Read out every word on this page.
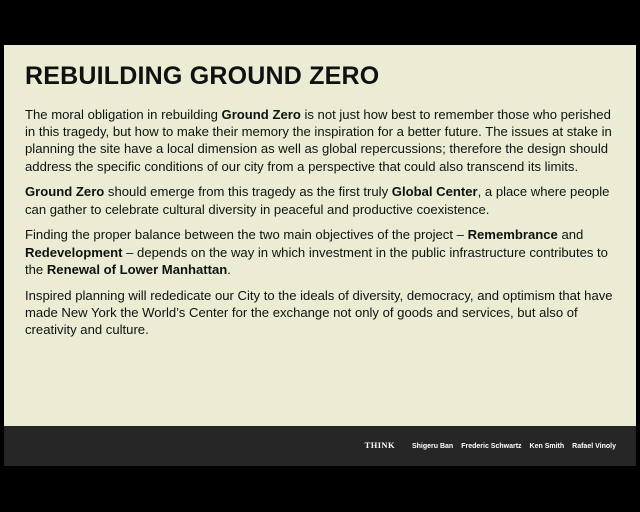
REBUILDING GROUND ZERO

The moral obligation in rebuilding Ground Zero is not just how best to remember those who perished in this tragedy, but how to make their memory the inspiration for a better future. The issues at stake in planning the site have a local dimension as well as global repercussions; therefore the design should address the specific conditions of our city from a perspective that could also transcend its limits.

Ground Zero should emerge from this tragedy as the first truly Global Center, a place where people can gather to celebrate cultural diversity in peaceful and productive coexistence.

Finding the proper balance between the two main objectives of the project – Remembrance and Redevelopment – depends on the way in which investment in the public infrastructure contributes to the Renewal of Lower Manhattan.

Inspired planning will rededicate our City to the ideals of diversity, democracy, and optimism that have made New York the World’s Center for the exchange not only of goods and services, but also of creativity and culture.

THINK Shigeru Ban Frederic Schwartz Ken Smith Rafael Vinoly
